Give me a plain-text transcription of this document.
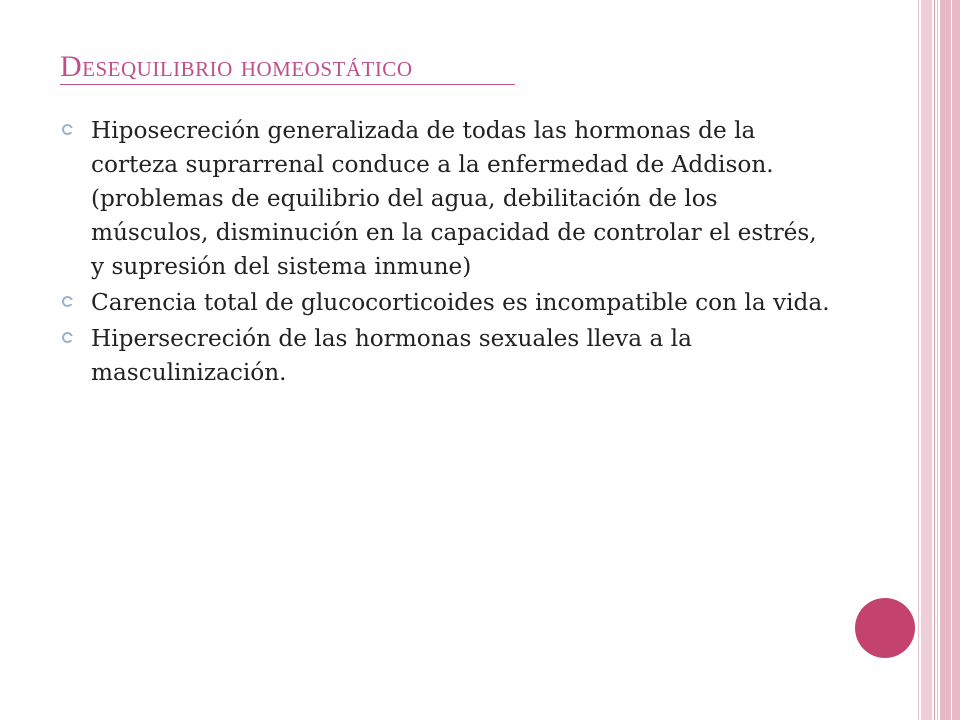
Desequilibrio homeostático
Hiposecreción generalizada de todas las hormonas de la corteza suprarrenal conduce a la enfermedad de Addison. (problemas de equilibrio del agua, debilitación de los músculos, disminución en la capacidad de controlar el estrés, y supresión del sistema inmune)
Carencia total de glucocorticoides es incompatible con la vida.
Hipersecreción de las hormonas sexuales lleva a la masculinización.
